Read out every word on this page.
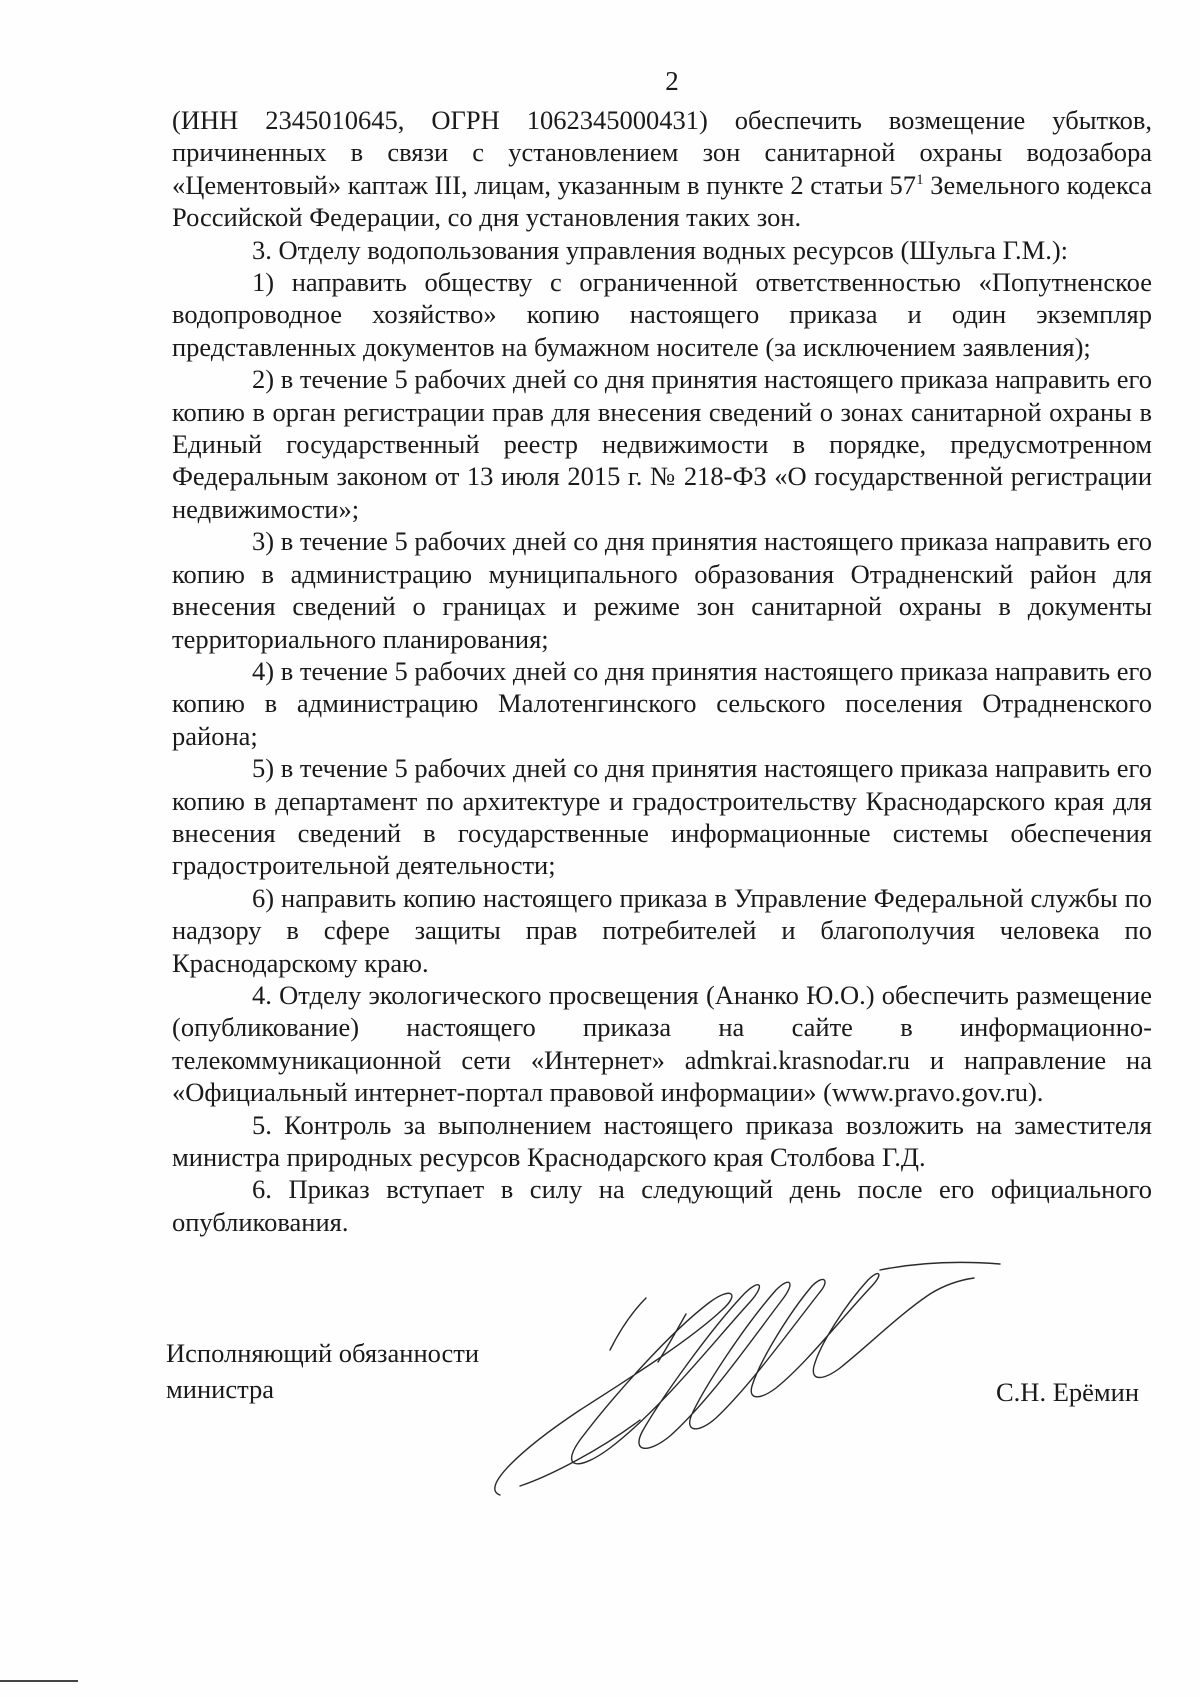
2

(ИНН 2345010645, ОГРН 1062345000431) обеспечить возмещение убытков, причиненных в связи с установлением зон санитарной охраны водозабора «Цементовый» каптаж III, лицам, указанным в пункте 2 статьи $57^1$ Земельного кодекса Российской Федерации, со дня установления таких зон.

3. Отделу водопользования управления водных ресурсов (Шульга Г.М.):

1) направить обществу с ограниченной ответственностью «Попутненское водопроводное хозяйство» копию настоящего приказа и один экземпляр представленных документов на бумажном носителе (за исключением заявления);

2) в течение 5 рабочих дней со дня принятия настоящего приказа направить его копию в орган регистрации прав для внесения сведений о зонах санитарной охраны в Единый государственный реестр недвижимости в порядке, предусмотренном Федеральным законом от 13 июля 2015 г. № 218-ФЗ «О государственной регистрации недвижимости»;

3) в течение 5 рабочих дней со дня принятия настоящего приказа направить его копию в администрацию муниципального образования Отрадненский район для внесения сведений о границах и режиме зон санитарной охраны в документы территориального планирования;

4) в течение 5 рабочих дней со дня принятия настоящего приказа направить его копию в администрацию Малотенгинского сельского поселения Отрадненского района;

5) в течение 5 рабочих дней со дня принятия настоящего приказа направить его копию в департамент по архитектуре и градостроительству Краснодарского края для внесения сведений в государственные информационные системы обеспечения градостроительной деятельности;

6) направить копию настоящего приказа в Управление Федеральной службы по надзору в сфере защиты прав потребителей и благополучия человека по Краснодарскому краю.

4. Отделу экологического просвещения (Ананко Ю.О.) обеспечить размещение (опубликование) настоящего приказа на сайте в информационно-телекоммуникационной сети «Интернет» admkrai.krasnodar.ru и направление на «Официальный интернет-портал правовой информации» (www.pravo.gov.ru).

5. Контроль за выполнением настоящего приказа возложить на заместителя министра природных ресурсов Краснодарского края Столбова Г.Д.

6. Приказ вступает в силу на следующий день после его официального опубликования.

Исполняющий обязанности
министра	С.Н. Ерёмин
